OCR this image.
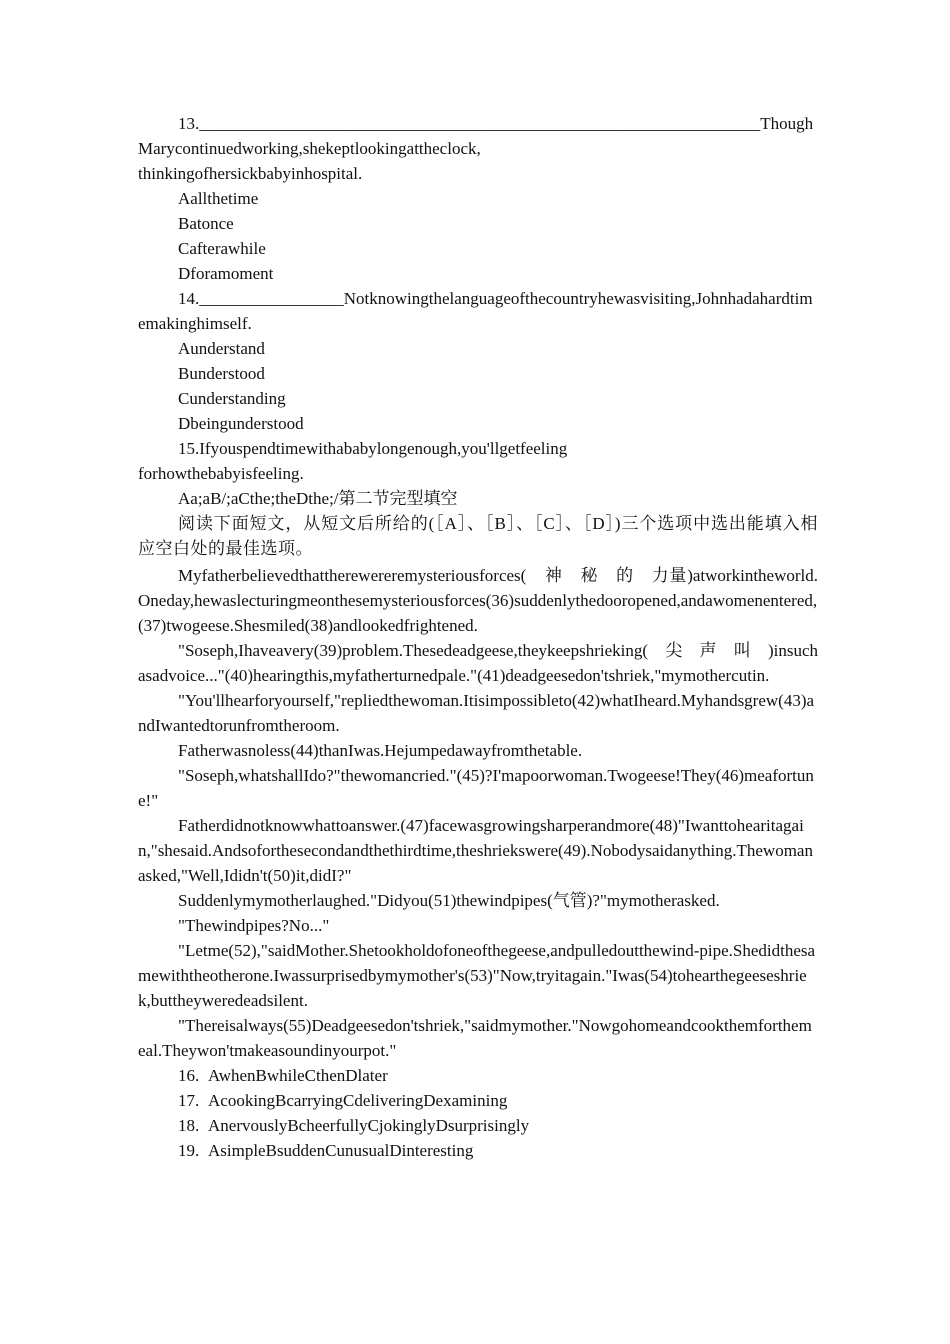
13.__________________________________________________________________ThoughMarycontinuedworking,shekeptlookingattheclock,

thinkingofhersickbabyinhospital.

Aallthetime

Batonce

Cafterawhile

Dforamoment

14._________________Notknowingthelanguageofthecountryhewasvisiting,Johnhadahardtimemakinghimself.

Aunderstand

Bunderstood

Cunderstanding

Dbeingunderstood

15.Ifyouspendtimewithababylongenough,you'llgetfeeling

forhowthebabyisfeeling.

Aa;aB/;aCthe;theDthe;/第二节完型填空

阅读下面短文，从短文后所给的(［A］、［B］、［C］、［D］)三个选项中选出能填入相应空白处的最佳选项。

Myfatherbelievedthattherewereremysteriousforces(　神　秘　的　力量)atworkintheworld.Oneday,hewaslecturingmeonthesemysteriousforces(36)suddenlythedooropened,andawomenentered,(37)twogeese.Shesmiled(38)andlookedfrightened.

"Soseph,Ihaveavery(39)problem.Thesedeadgeese,theykeepshrieking(　尖　声　叫　)insuchasadvoice..."(40)hearingthis,myfatherturnedpale."(41)deadgeesedon'tshriek,"mymothercutin.

"You'llhearforyourself,"repliedthewoman.Itisimpossibleto(42)whatIheard.Myhandsgrew(43)andIwantedtorunfromtheroom.

Fatherwasnoless(44)thanIwas.Hejumpedawayfromthetable.

"Soseph,whatshallIdo?"thewomancried."(45)?I'mapoorwoman.Twogeese!They(46)meafortune!"

Fatherdidnotknowwhattoanswer.(47)facewasgrowingsharperandmore(48)"Iwanttohearitagain,"shesaid.Andsoforthesecondandthethirdtime,theshriekswere(49).Nobodysaidanything.Thewomanasked,"Well,Ididn't(50)it,didI?"

Suddenlymymotherlaughed."Didyou(51)thewindpipes(气管)?"mymotherasked.

"Thewindpipes?No..."

"Letme(52),"saidMother.Shetookholdofoneofthegeese,andpulledoutthewind-pipe.Shedidthesamewiththeotherone.Iwassurprisedbymymother's(53)"Now,tryitagain."Iwas(54)tohearthegeeseshriek,buttheyweredeadsilent.

"Thereisalways(55)Deadgeesedon'tshriek,"saidmymother."Nowgohomeandcookthemforthemeal.Theywon'tmakeasoundinyourpot."

16. AwhenBwhileCthenDlater

17. AcookingBcarryingCdeliveringDexamining

18. AnervouslyBcheerfullyCjokinglyDsurprisingly

19. AsimpleBsuddenCunusualDinteresting
